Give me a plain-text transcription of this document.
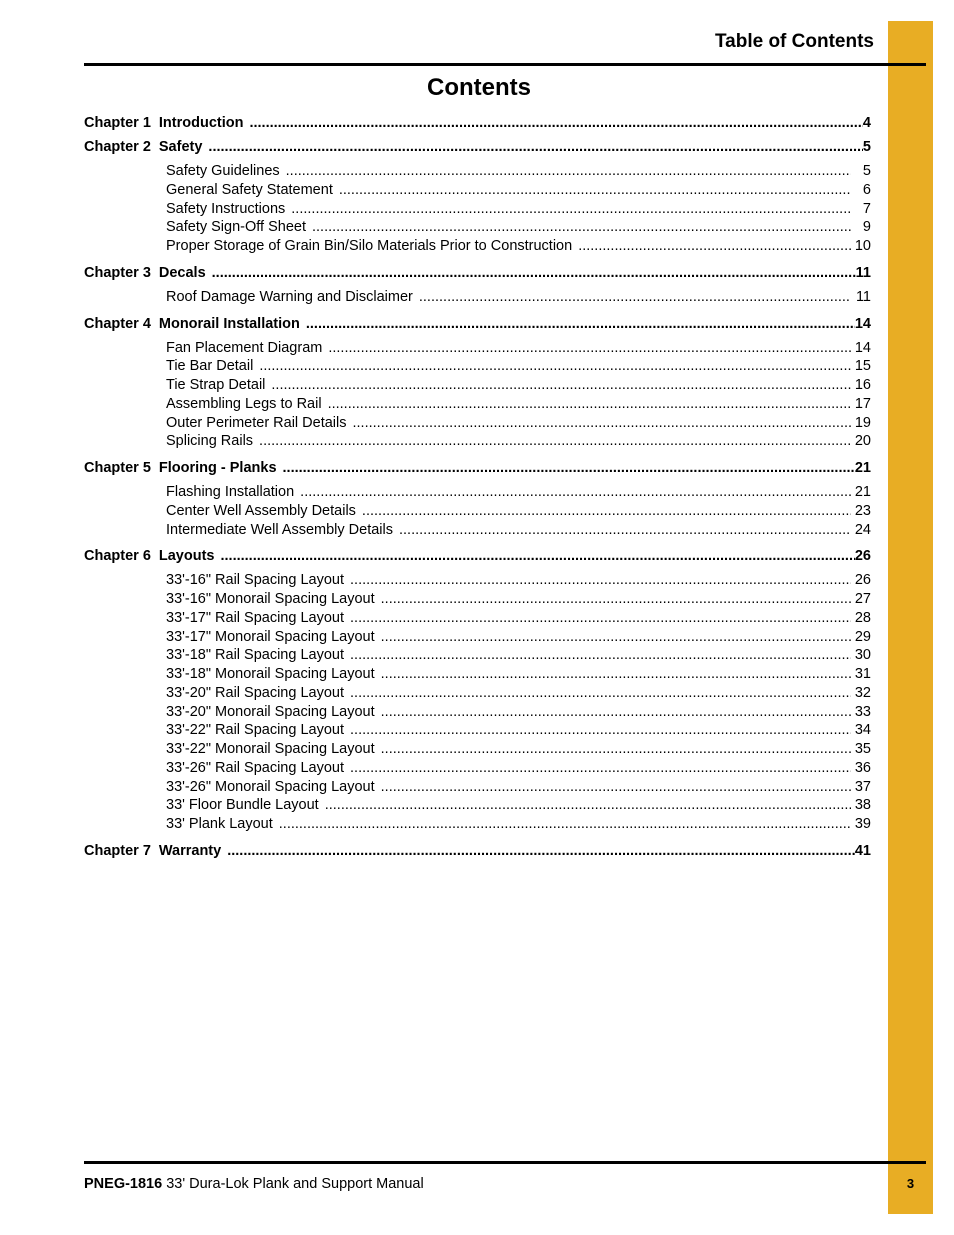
Table of Contents
Contents
Chapter 1 Introduction .....	4
Chapter 2 Safety .....	5
Safety Guidelines .....	5
General Safety Statement .....	6
Safety Instructions .....	7
Safety Sign-Off Sheet .....	9
Proper Storage of Grain Bin/Silo Materials Prior to Construction .....	10
Chapter 3 Decals .....	11
Roof Damage Warning and Disclaimer .....	11
Chapter 4 Monorail Installation .....	14
Fan Placement Diagram .....	14
Tie Bar Detail .....	15
Tie Strap Detail .....	16
Assembling Legs to Rail .....	17
Outer Perimeter Rail Details .....	19
Splicing Rails .....	20
Chapter 5 Flooring - Planks .....	21
Flashing Installation .....	21
Center Well Assembly Details .....	23
Intermediate Well Assembly Details .....	24
Chapter 6 Layouts .....	26
33'-16" Rail Spacing Layout .....	26
33'-16" Monorail Spacing Layout .....	27
33'-17" Rail Spacing Layout .....	28
33'-17" Monorail Spacing Layout .....	29
33'-18" Rail Spacing Layout .....	30
33'-18" Monorail Spacing Layout .....	31
33'-20" Rail Spacing Layout .....	32
33'-20" Monorail Spacing Layout .....	33
33'-22" Rail Spacing Layout .....	34
33'-22" Monorail Spacing Layout .....	35
33'-26" Rail Spacing Layout .....	36
33'-26" Monorail Spacing Layout .....	37
33' Floor Bundle Layout .....	38
33' Plank Layout .....	39
Chapter 7 Warranty .....	41
PNEG-1816 33' Dura-Lok Plank and Support Manual	3
